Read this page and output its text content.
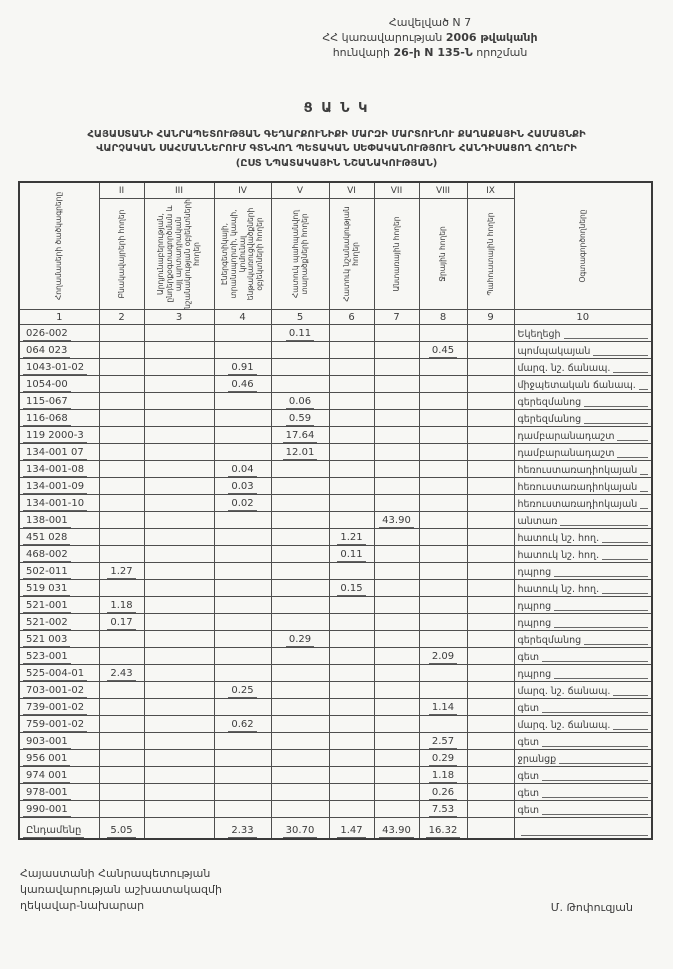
Հավելված N 7
ՀՀ կառավարության 2006 թվականի
հունվարի 26-ի N 135-Ն որոշման
Ց Ա Ն Կ
ՀԱՅԱՍՏԱՆԻ ՀԱՆՐԱՊԵՏՈՒԹՅԱՆ ԳԵՂԱՐՔՈՒՆԻՔԻ ՄԱՐԶԻ ՄԱՐՏՈՒՆՈՒ ՔԱՂԱՔԱՅԻՆ ՀԱՄԱՅՆՔԻ
ՎԱՐՉԱԿԱՆ ՍԱՀՄԱՆՆԵՐՈՒՄ ԳՏՆՎՈՂ ՊԵՏԱԿԱՆ ՍԵՓԱԿԱՆՈՒԹՅՈՒՆ ՀԱՆԴԻՍԱՑՈՂ ՀՈՂԵՐԻ
(ԸՍՏ ՆՊԱՏԱԿԱՅԻՆ ՆՇԱՆԱԿՈՒԹՅԱՆ)
Հողամասերի ծածկագրերը	II	III	IV	V	VI	VII	VIII	IX	Օգտագործողները

	Բնակավայրերի հողեր	Արդյունաբերության, ընդերքօգտագործման և այլ արտադրական նշանակության օբյեկտների հողեր	Էներգետիկայի, տրանսպորտի, կապի, կոմունալ ենթակառուցվածքների օբյեկտների հողեր	Հատուկ պահպանվող տարածքների հողեր	Հատուկ նշանակության հողեր	Անտառային հողեր	Ջրային հողեր	Պահուստային հողեր	

1	2	3	4	5	6	7	8	9	10
026-002				0.11					Եկեղեցի

064 023							0.45		պոմպակայան

1043-01-02			0.91						մարզ. նշ. ճանապ.

1054-00			0.46						միջպետական ճանապ.

115-067				0.06					գերեզմանոց

116-068				0.59					գերեզմանոց

119 2000-3				17.64					դամբարանադաշտ

134-001 07				12.01					դամբարանադաշտ

134-001-08			0.04						հեռուստառադիոկայան

134-001-09			0.03						հեռուստառադիոկայան

134-001-10			0.02						հեռուստառադիոկայան

138-001						43.90			անտառ

451 028					1.21				հատուկ նշ. հող.

468-002					0.11				հատուկ նշ. հող.

502-011	1.27								դպրոց

519 031					0.15				հատուկ նշ. հող.

521-001	1.18								դպրոց

521-002	0.17								դպրոց

521 003				0.29					գերեզմանոց

523-001							2.09		գետ

525-004-01	2.43								դպրոց

703-001-02			0.25						մարզ. նշ. ճանապ.

739-001-02							1.14		գետ

759-001-02			0.62						մարզ. նշ. ճանապ.

903-001							2.57		գետ

956 001							0.29		ջրանցք

974 001							1.18		գետ

978-001							0.26		գետ

990-001							7.53		գետ

Ընդամենը	5.05		2.33	30.70	1.47	43.90	16.32		
Հայաստանի Հանրապետության
կառավարության աշխատակազմի
ղեկավար-նախարար	Մ. Թոփուզյան
